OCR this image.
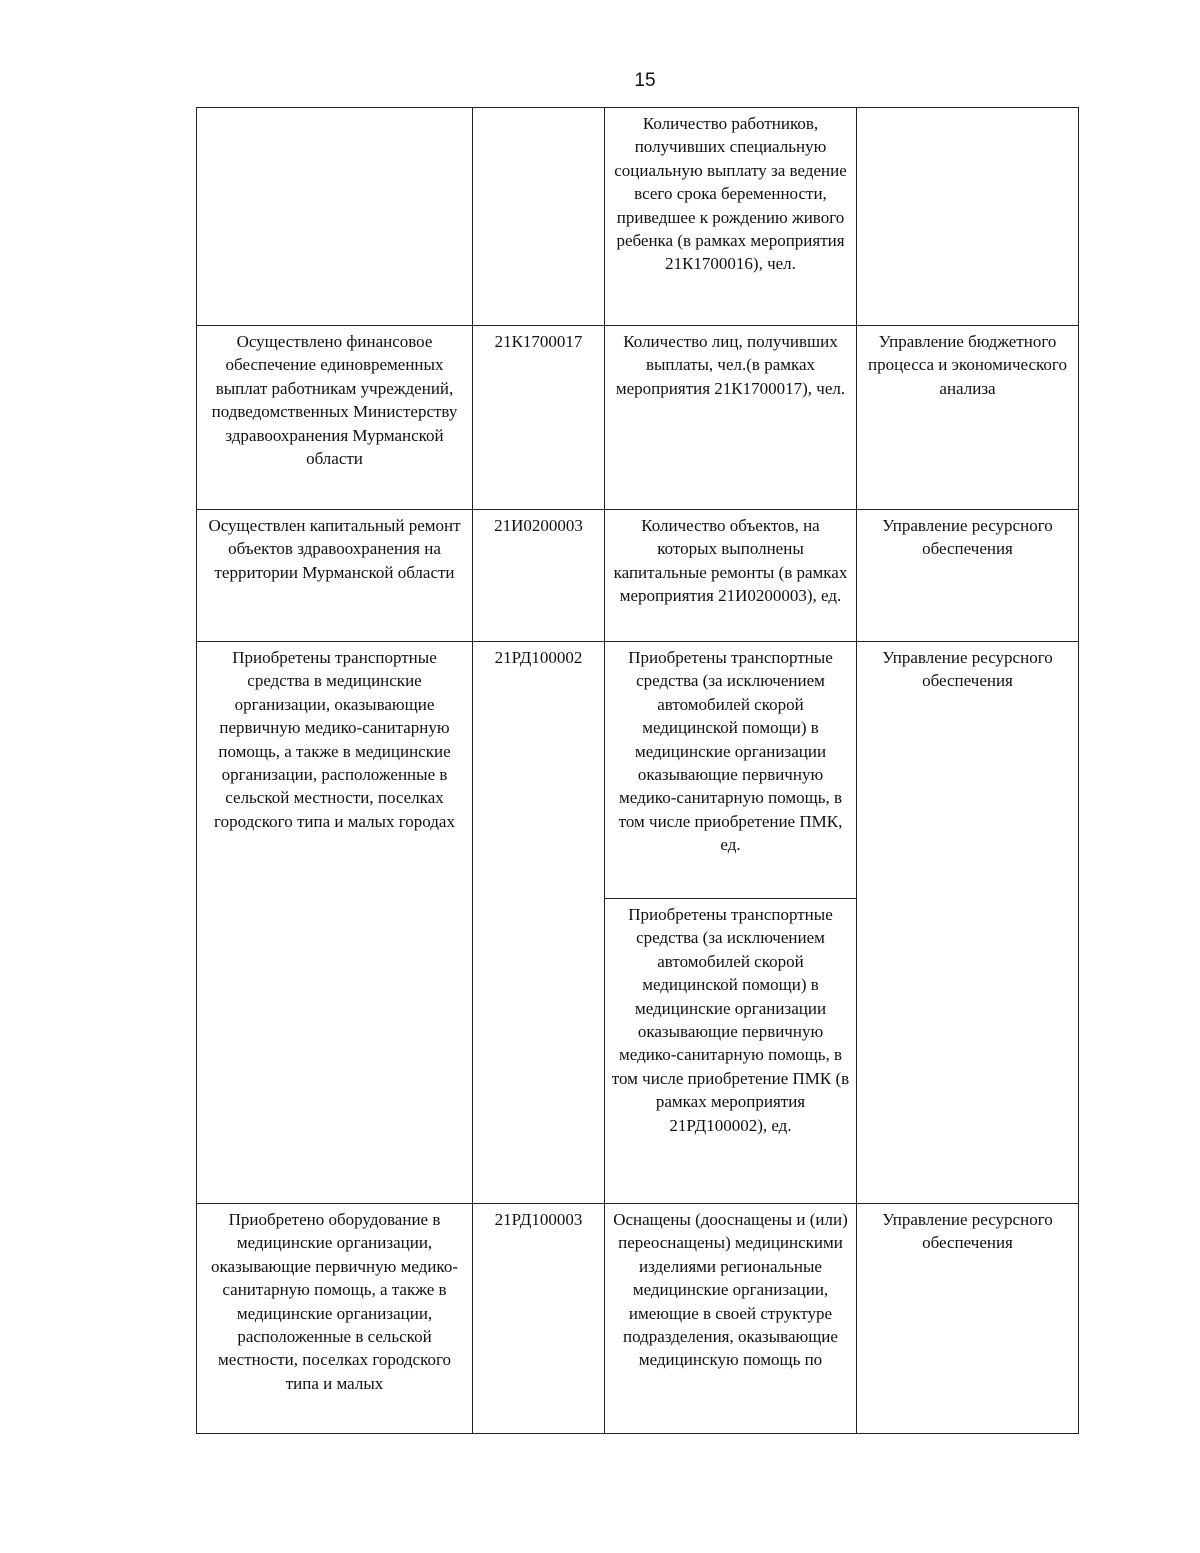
15
		Количество работников, получивших специальную социальную выплату за ведение всего срока беременности, приведшее к рождению живого ребенка (в рамках мероприятия 21К1700016), чел.	
Осуществлено финансовое обеспечение единовременных выплат работникам учреждений, подведомственных Министерству здравоохранения Мурманской области	21К1700017	Количество лиц, получивших выплаты, чел.(в рамках мероприятия 21К1700017), чел.	Управление бюджетного процесса и экономического анализа
Осуществлен капитальный ремонт объектов здравоохранения на территории Мурманской области	21И0200003	Количество объектов, на которых выполнены капитальные ремонты (в рамках мероприятия 21И0200003), ед.	Управление ресурсного обеспечения
Приобретены транспортные средства в медицинские организации, оказывающие первичную медико-санитарную помощь, а также в медицинские организации, расположенные в сельской местности, поселках городского типа и малых городах	21РД100002	Приобретены транспортные средства (за исключением автомобилей скорой медицинской помощи) в медицинские организации оказывающие первичную медико-санитарную помощь, в том числе приобретение ПМК, ед.	Управление ресурсного обеспечения
		Приобретены транспортные средства (за исключением автомобилей скорой медицинской помощи) в медицинские организации оказывающие первичную медико-санитарную помощь, в том числе приобретение ПМК (в рамках мероприятия 21РД100002), ед.	
Приобретено оборудование в медицинские организации, оказывающие первичную медико-санитарную помощь, а также в медицинские организации, расположенные в сельской местности, поселках городского типа и малых	21РД100003	Оснащены (дооснащены и (или) переоснащены) медицинскими изделиями региональные медицинские организации, имеющие в своей структуре подразделения, оказывающие медицинскую помощь по	Управление ресурсного обеспечения
